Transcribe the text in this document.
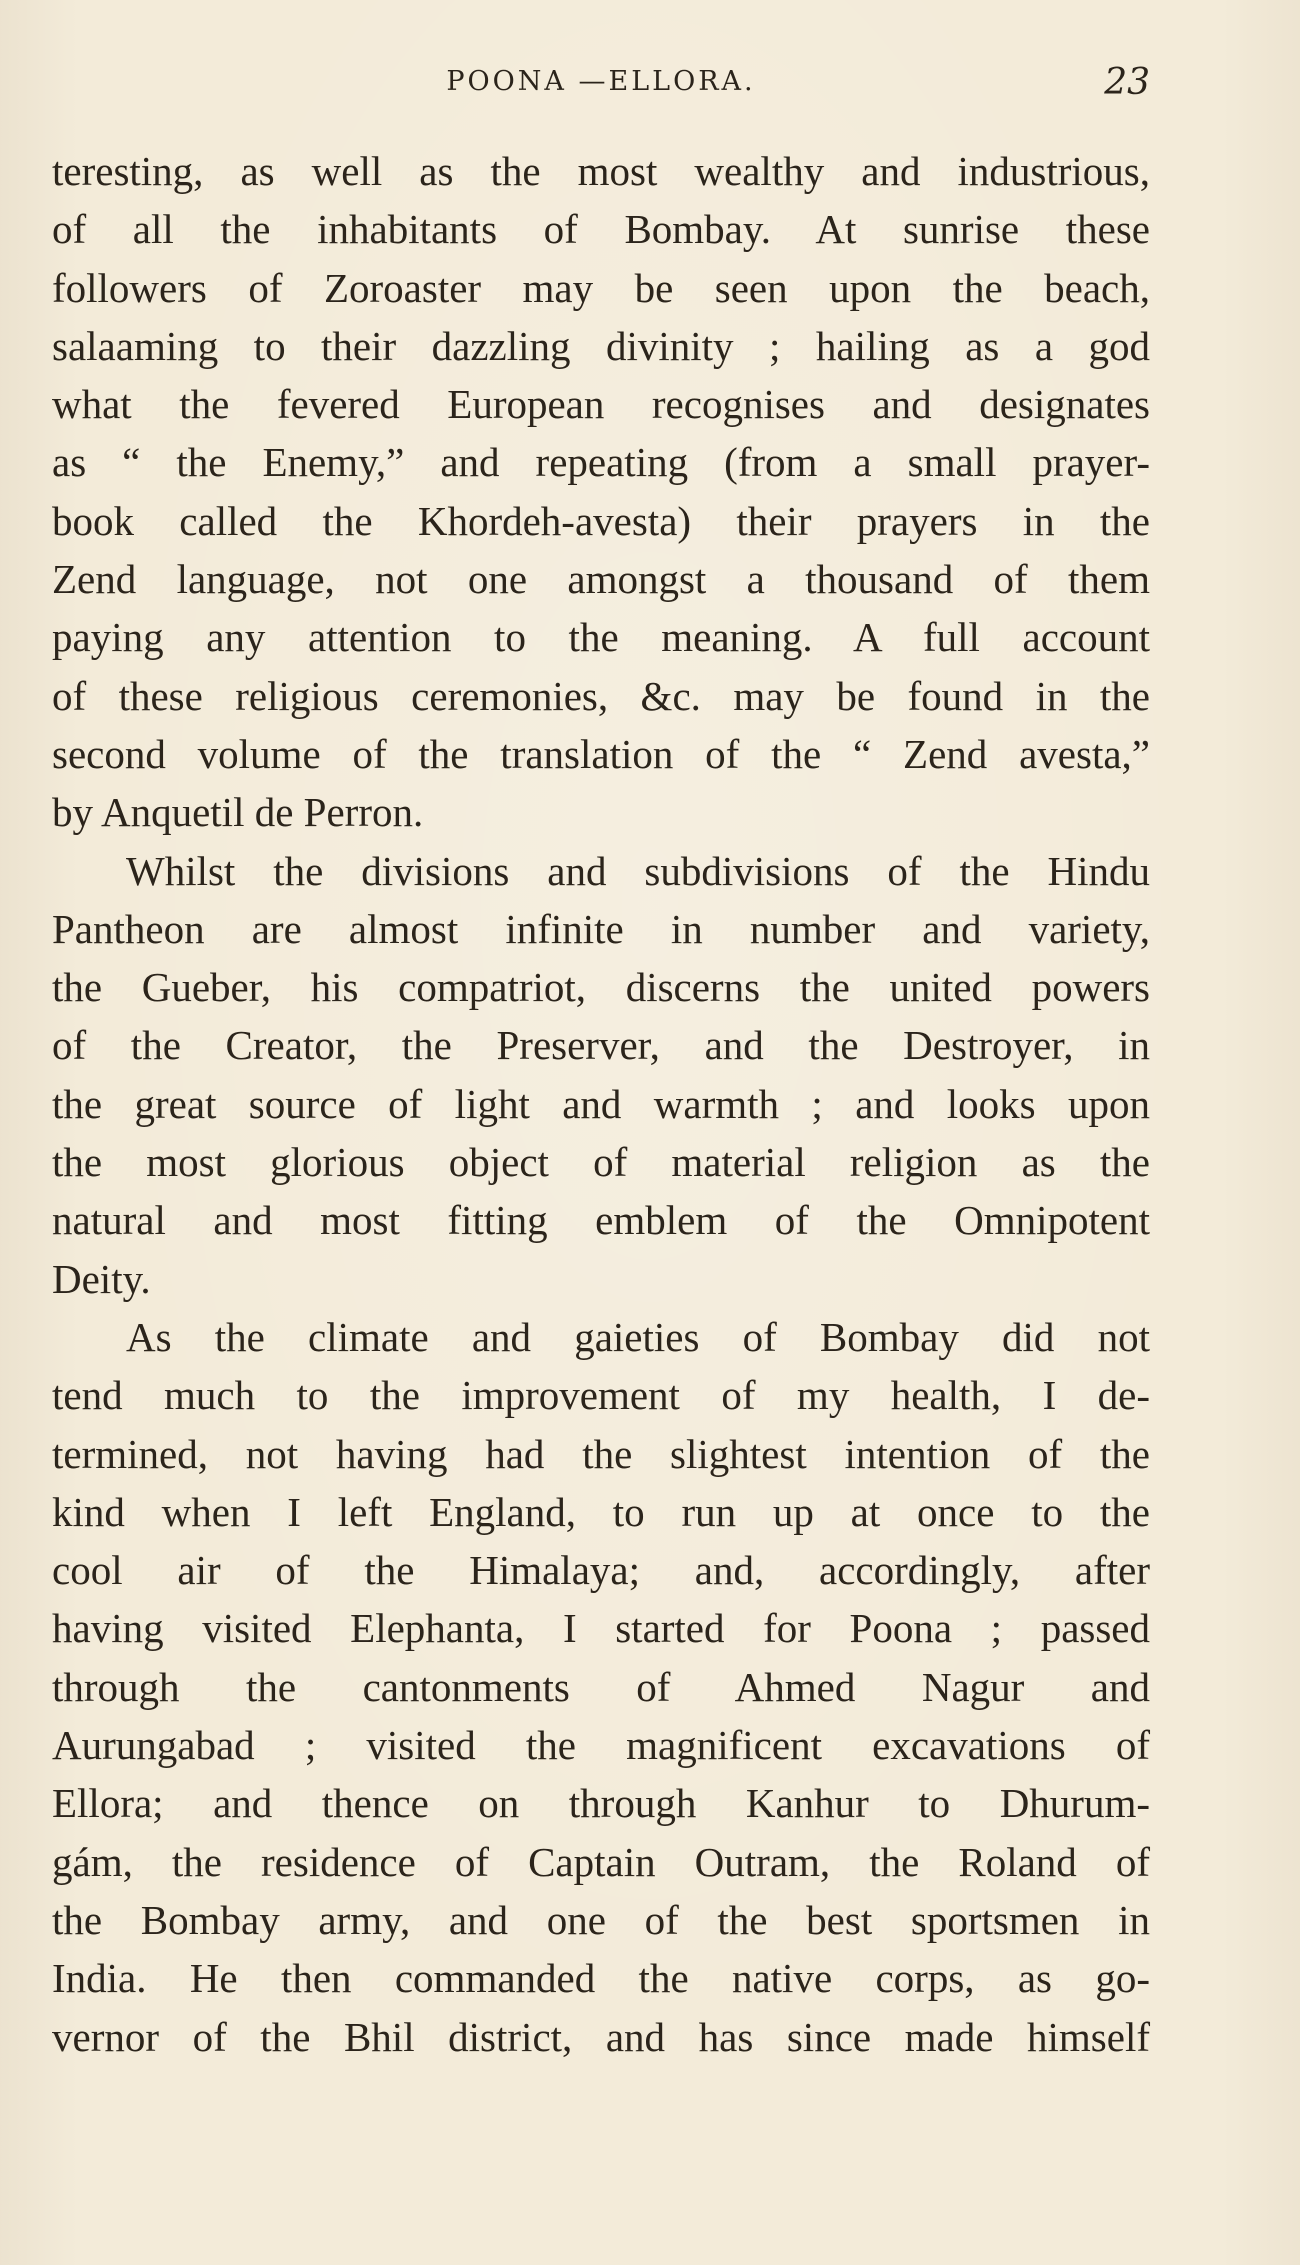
POONA —ELLORA.	23
teresting, as well as the most wealthy and industrious,
of all the inhabitants of Bombay. At sunrise these
followers of Zoroaster may be seen upon the beach,
salaaming to their dazzling divinity ; hailing as a god
what the fevered European recognises and designates
as “ the Enemy,” and repeating (from a small prayer-
book called the Khordeh-avesta) their prayers in the
Zend language, not one amongst a thousand of them
paying any attention to the meaning. A full account
of these religious ceremonies, &c. may be found in the
second volume of the translation of the “ Zend avesta,”
by Anquetil de Perron.
Whilst the divisions and subdivisions of the Hindu
Pantheon are almost infinite in number and variety,
the Gueber, his compatriot, discerns the united powers
of the Creator, the Preserver, and the Destroyer, in
the great source of light and warmth ; and looks upon
the most glorious object of material religion as the
natural and most fitting emblem of the Omnipotent
Deity.
As the climate and gaieties of Bombay did not
tend much to the improvement of my health, I de-
termined, not having had the slightest intention of the
kind when I left England, to run up at once to the
cool air of the Himalaya; and, accordingly, after
having visited Elephanta, I started for Poona ; passed
through the cantonments of Ahmed Nagur and
Aurungabad ; visited the magnificent excavations of
Ellora; and thence on through Kanhur to Dhurum-
gám, the residence of Captain Outram, the Roland of
the Bombay army, and one of the best sportsmen in
India. He then commanded the native corps, as go-
vernor of the Bhil district, and has since made himself
